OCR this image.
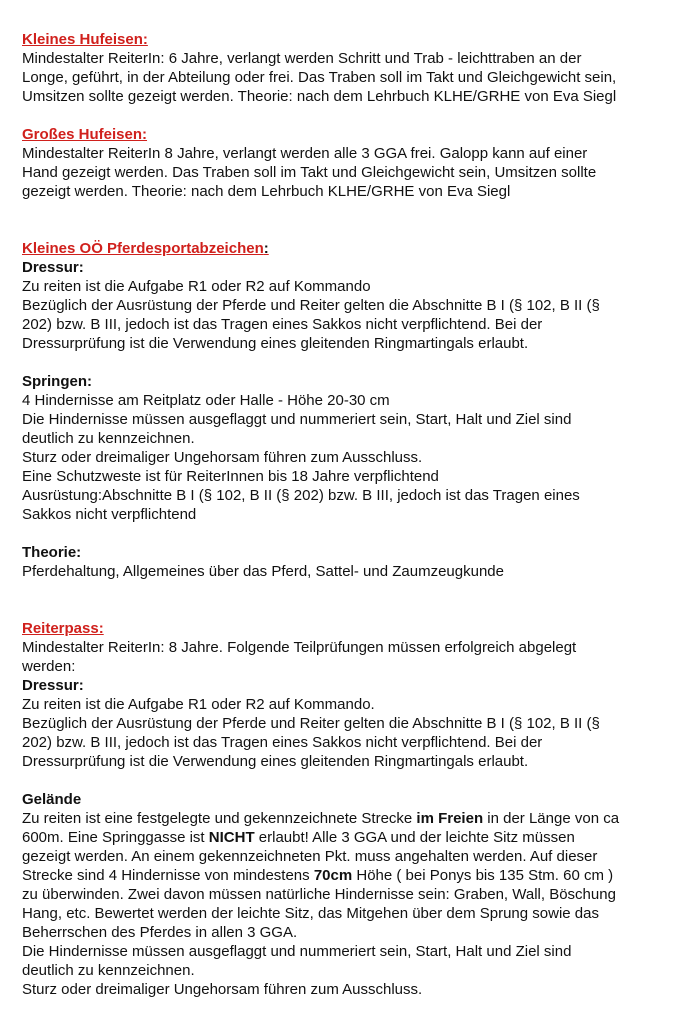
Kleines Hufeisen:

Mindestalter ReiterIn: 6 Jahre, verlangt werden Schritt und Trab - leichttraben an der

Longe, geführt, in der Abteilung oder frei. Das Traben soll im Takt und Gleichgewicht sein,

Umsitzen sollte gezeigt werden. Theorie: nach dem Lehrbuch KLHE/GRHE von Eva Siegl

Großes Hufeisen:

Mindestalter ReiterIn 8 Jahre, verlangt werden alle 3 GGA frei. Galopp kann auf einer

Hand gezeigt werden. Das Traben soll im Takt und Gleichgewicht sein, Umsitzen sollte

gezeigt werden. Theorie: nach dem Lehrbuch KLHE/GRHE von Eva Siegl

Kleines OÖ Pferdesportabzeichen:

Dressur:

Zu reiten ist die Aufgabe R1 oder R2 auf Kommando

Bezüglich der Ausrüstung der Pferde und Reiter gelten die Abschnitte B I (§ 102, B II (§

202) bzw. B III, jedoch ist das Tragen eines Sakkos nicht verpflichtend. Bei der

Dressurprüfung ist die Verwendung eines gleitenden Ringmartingals erlaubt.

Springen:

4 Hindernisse am Reitplatz oder Halle - Höhe 20-30 cm

Die Hindernisse müssen ausgeflaggt und nummeriert sein, Start, Halt und Ziel sind

deutlich zu kennzeichnen.

Sturz oder dreimaliger Ungehorsam führen zum Ausschluss.

Eine Schutzweste ist für ReiterInnen bis 18 Jahre verpflichtend

Ausrüstung:Abschnitte B I (§ 102, B II (§ 202) bzw. B III, jedoch ist das Tragen eines

Sakkos nicht verpflichtend

Theorie:

Pferdehaltung, Allgemeines über das Pferd, Sattel- und Zaumzeugkunde

Reiterpass:

Mindestalter ReiterIn: 8 Jahre. Folgende Teilprüfungen müssen erfolgreich abgelegt

werden:

Dressur:

Zu reiten ist die Aufgabe R1 oder R2 auf Kommando.

Bezüglich der Ausrüstung der Pferde und Reiter gelten die Abschnitte B I (§ 102, B II (§

202) bzw. B III, jedoch ist das Tragen eines Sakkos nicht verpflichtend. Bei der

Dressurprüfung ist die Verwendung eines gleitenden Ringmartingals erlaubt.

Gelände

Zu reiten ist eine festgelegte und gekennzeichnete Strecke im Freien in der Länge von ca

600m. Eine Springgasse ist NICHT erlaubt! Alle 3 GGA und der leichte Sitz müssen

gezeigt werden. An einem gekennzeichneten Pkt. muss angehalten werden. Auf dieser

Strecke sind 4 Hindernisse von mindestens 70cm Höhe ( bei Ponys bis 135 Stm. 60 cm )

zu überwinden. Zwei davon müssen natürliche Hindernisse sein: Graben, Wall, Böschung

Hang, etc. Bewertet werden der leichte Sitz, das Mitgehen über dem Sprung sowie das

Beherrschen des Pferdes in allen 3 GGA.

Die Hindernisse müssen ausgeflaggt und nummeriert sein, Start, Halt und Ziel sind

deutlich zu kennzeichnen.

Sturz oder dreimaliger Ungehorsam führen zum Ausschluss.
